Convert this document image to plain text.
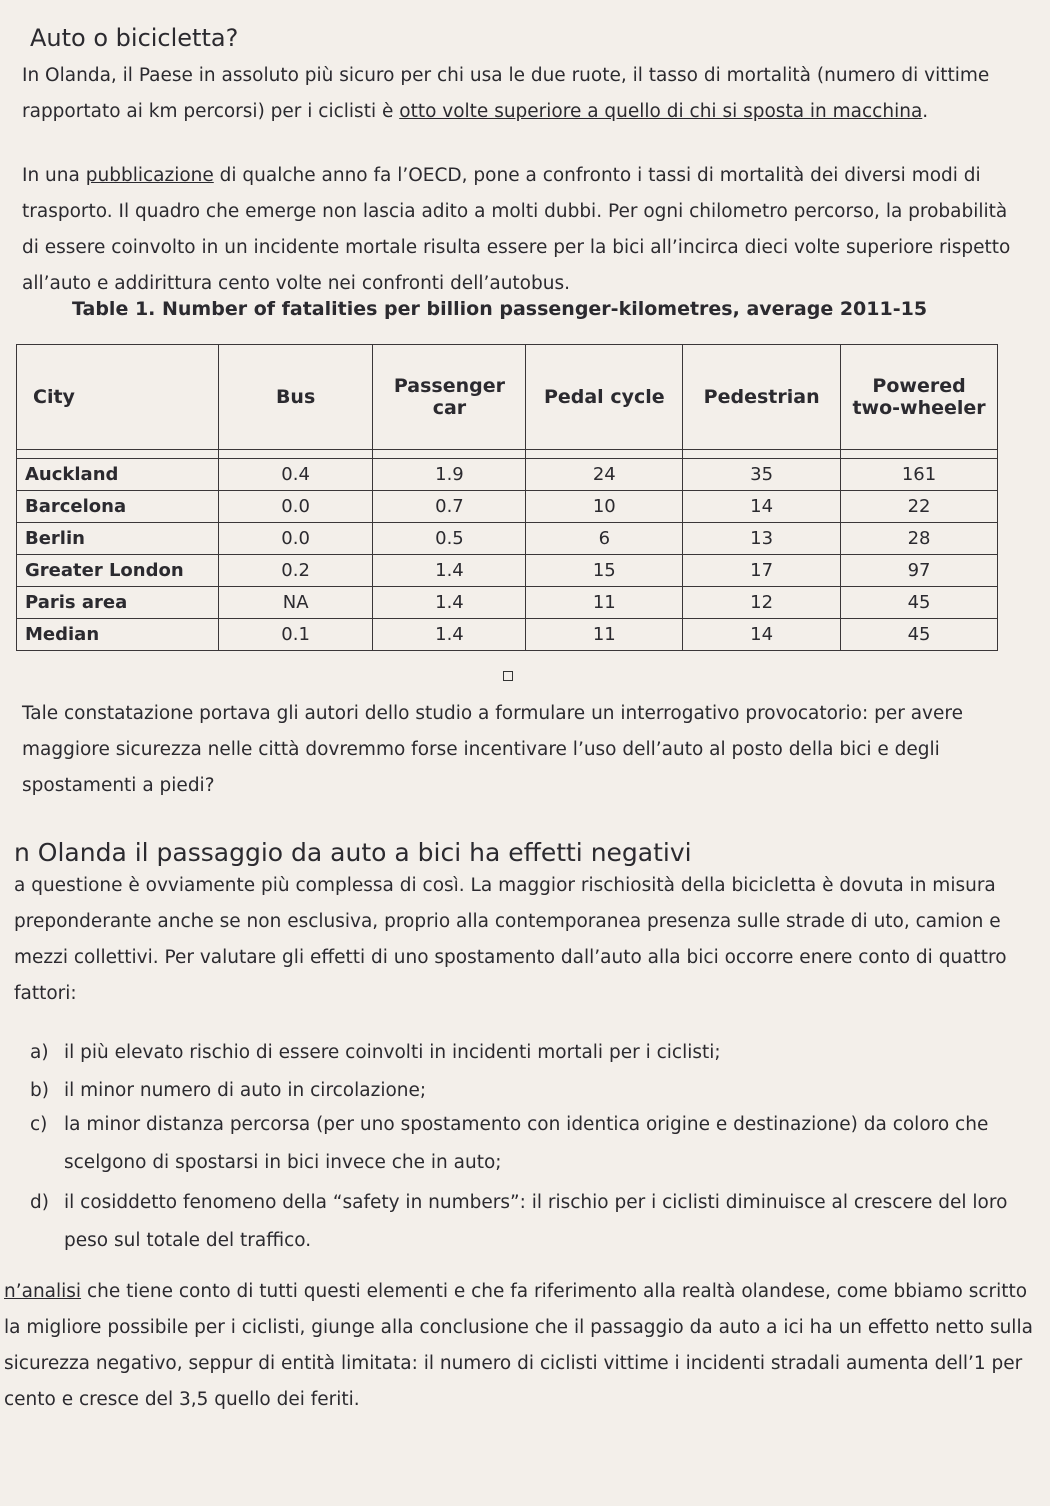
Auto o bicicletta?
In Olanda, il Paese in assoluto più sicuro per chi usa le due ruote, il tasso di mortalità (numero di vittime rapportato ai km percorsi) per i ciclisti è otto volte superiore a quello di chi si sposta in macchina.
In una pubblicazione di qualche anno fa l’OECD, pone a confronto i tassi di mortalità dei diversi modi di trasporto. Il quadro che emerge non lascia adito a molti dubbi. Per ogni chilometro percorso, la probabilità di essere coinvolto in un incidente mortale risulta essere per la bici all’incirca dieci volte superiore rispetto all’auto e addirittura cento volte nei confronti dell’autobus.
Table 1. Number of fatalities per billion passenger-kilometres, average 2011-15
City	Bus	Passenger car	Pedal cycle	Pedestrian	Powered two-wheeler

Auckland	0.4	1.9	24	35	161
Barcelona	0.0	0.7	10	14	22
Berlin	0.0	0.5	6	13	28
Greater London	0.2	1.4	15	17	97
Paris area	NA	1.4	11	12	45
Median	0.1	1.4	11	14	45
Tale constatazione portava gli autori dello studio a formulare un interrogativo provocatorio: per avere maggiore sicurezza nelle città dovremmo forse incentivare l’uso dell’auto al posto della bici e degli spostamenti a piedi?
n Olanda il passaggio da auto a bici ha effetti negativi
a questione è ovviamente più complessa di così. La maggior rischiosità della bicicletta è dovuta in misura preponderante anche se non esclusiva, proprio alla contemporanea presenza sulle strade di uto, camion e mezzi collettivi. Per valutare gli effetti di uno spostamento dall’auto alla bici occorre enere conto di quattro fattori:
a) il più elevato rischio di essere coinvolti in incidenti mortali per i ciclisti;
b) il minor numero di auto in circolazione;
c) la minor distanza percorsa (per uno spostamento con identica origine e destinazione) da coloro che scelgono di spostarsi in bici invece che in auto;
d) il cosiddetto fenomeno della “safety in numbers”: il rischio per i ciclisti diminuisce al crescere del loro peso sul totale del traffico.
n’analisi che tiene conto di tutti questi elementi e che fa riferimento alla realtà olandese, come bbiamo scritto la migliore possibile per i ciclisti, giunge alla conclusione che il passaggio da auto a ici ha un effetto netto sulla sicurezza negativo, seppur di entità limitata: il numero di ciclisti vittime i incidenti stradali aumenta dell’1 per cento e cresce del 3,5 quello dei feriti.
